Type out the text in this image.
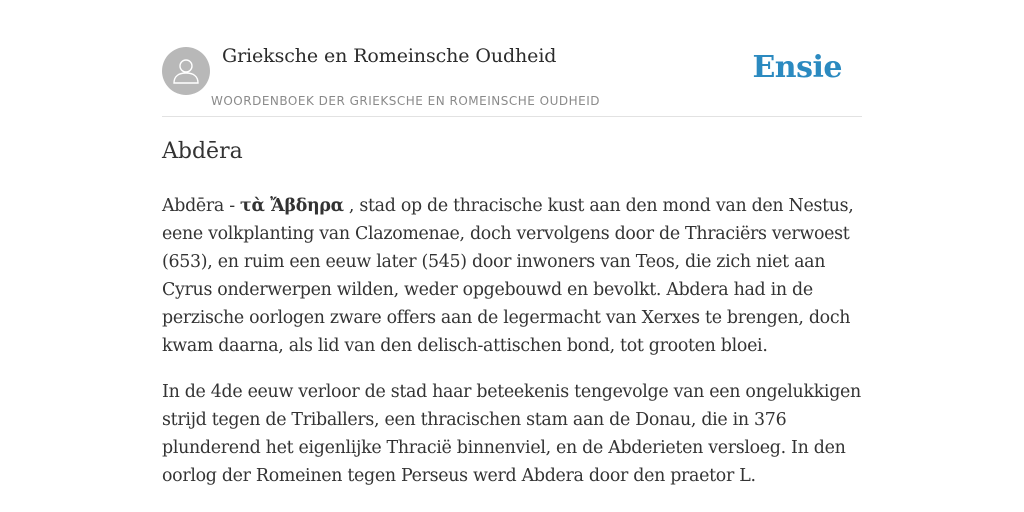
Grieksche en Romeinsche Oudheid
WOORDENBOEK DER GRIEKSCHE EN ROMEINSCHE OUDHEID
Ensie
Abdēra

Abdēra - τὰ Ἄβδηρα , stad op de thracische kust aan den mond van den Nestus, eene volkplanting van Clazomenae, doch vervolgens door de Thraciërs verwoest (653), en ruim een eeuw later (545) door inwoners van Teos, die zich niet aan Cyrus onderwerpen wilden, weder opgebouwd en bevolkt. Abdera had in de perzische oorlogen zware offers aan de legermacht van Xerxes te brengen, doch kwam daarna, als lid van den delisch-attischen bond, tot grooten bloei.

In de 4de eeuw verloor de stad haar beteekenis tengevolge van een ongelukkigen strijd tegen de Triballers, een thracischen stam aan de Donau, die in 376 plunderend het eigenlijke Thracië binnenviel, en de Abderieten versloeg. In den oorlog der Romeinen tegen Perseus werd Abdera door den praetor L.
